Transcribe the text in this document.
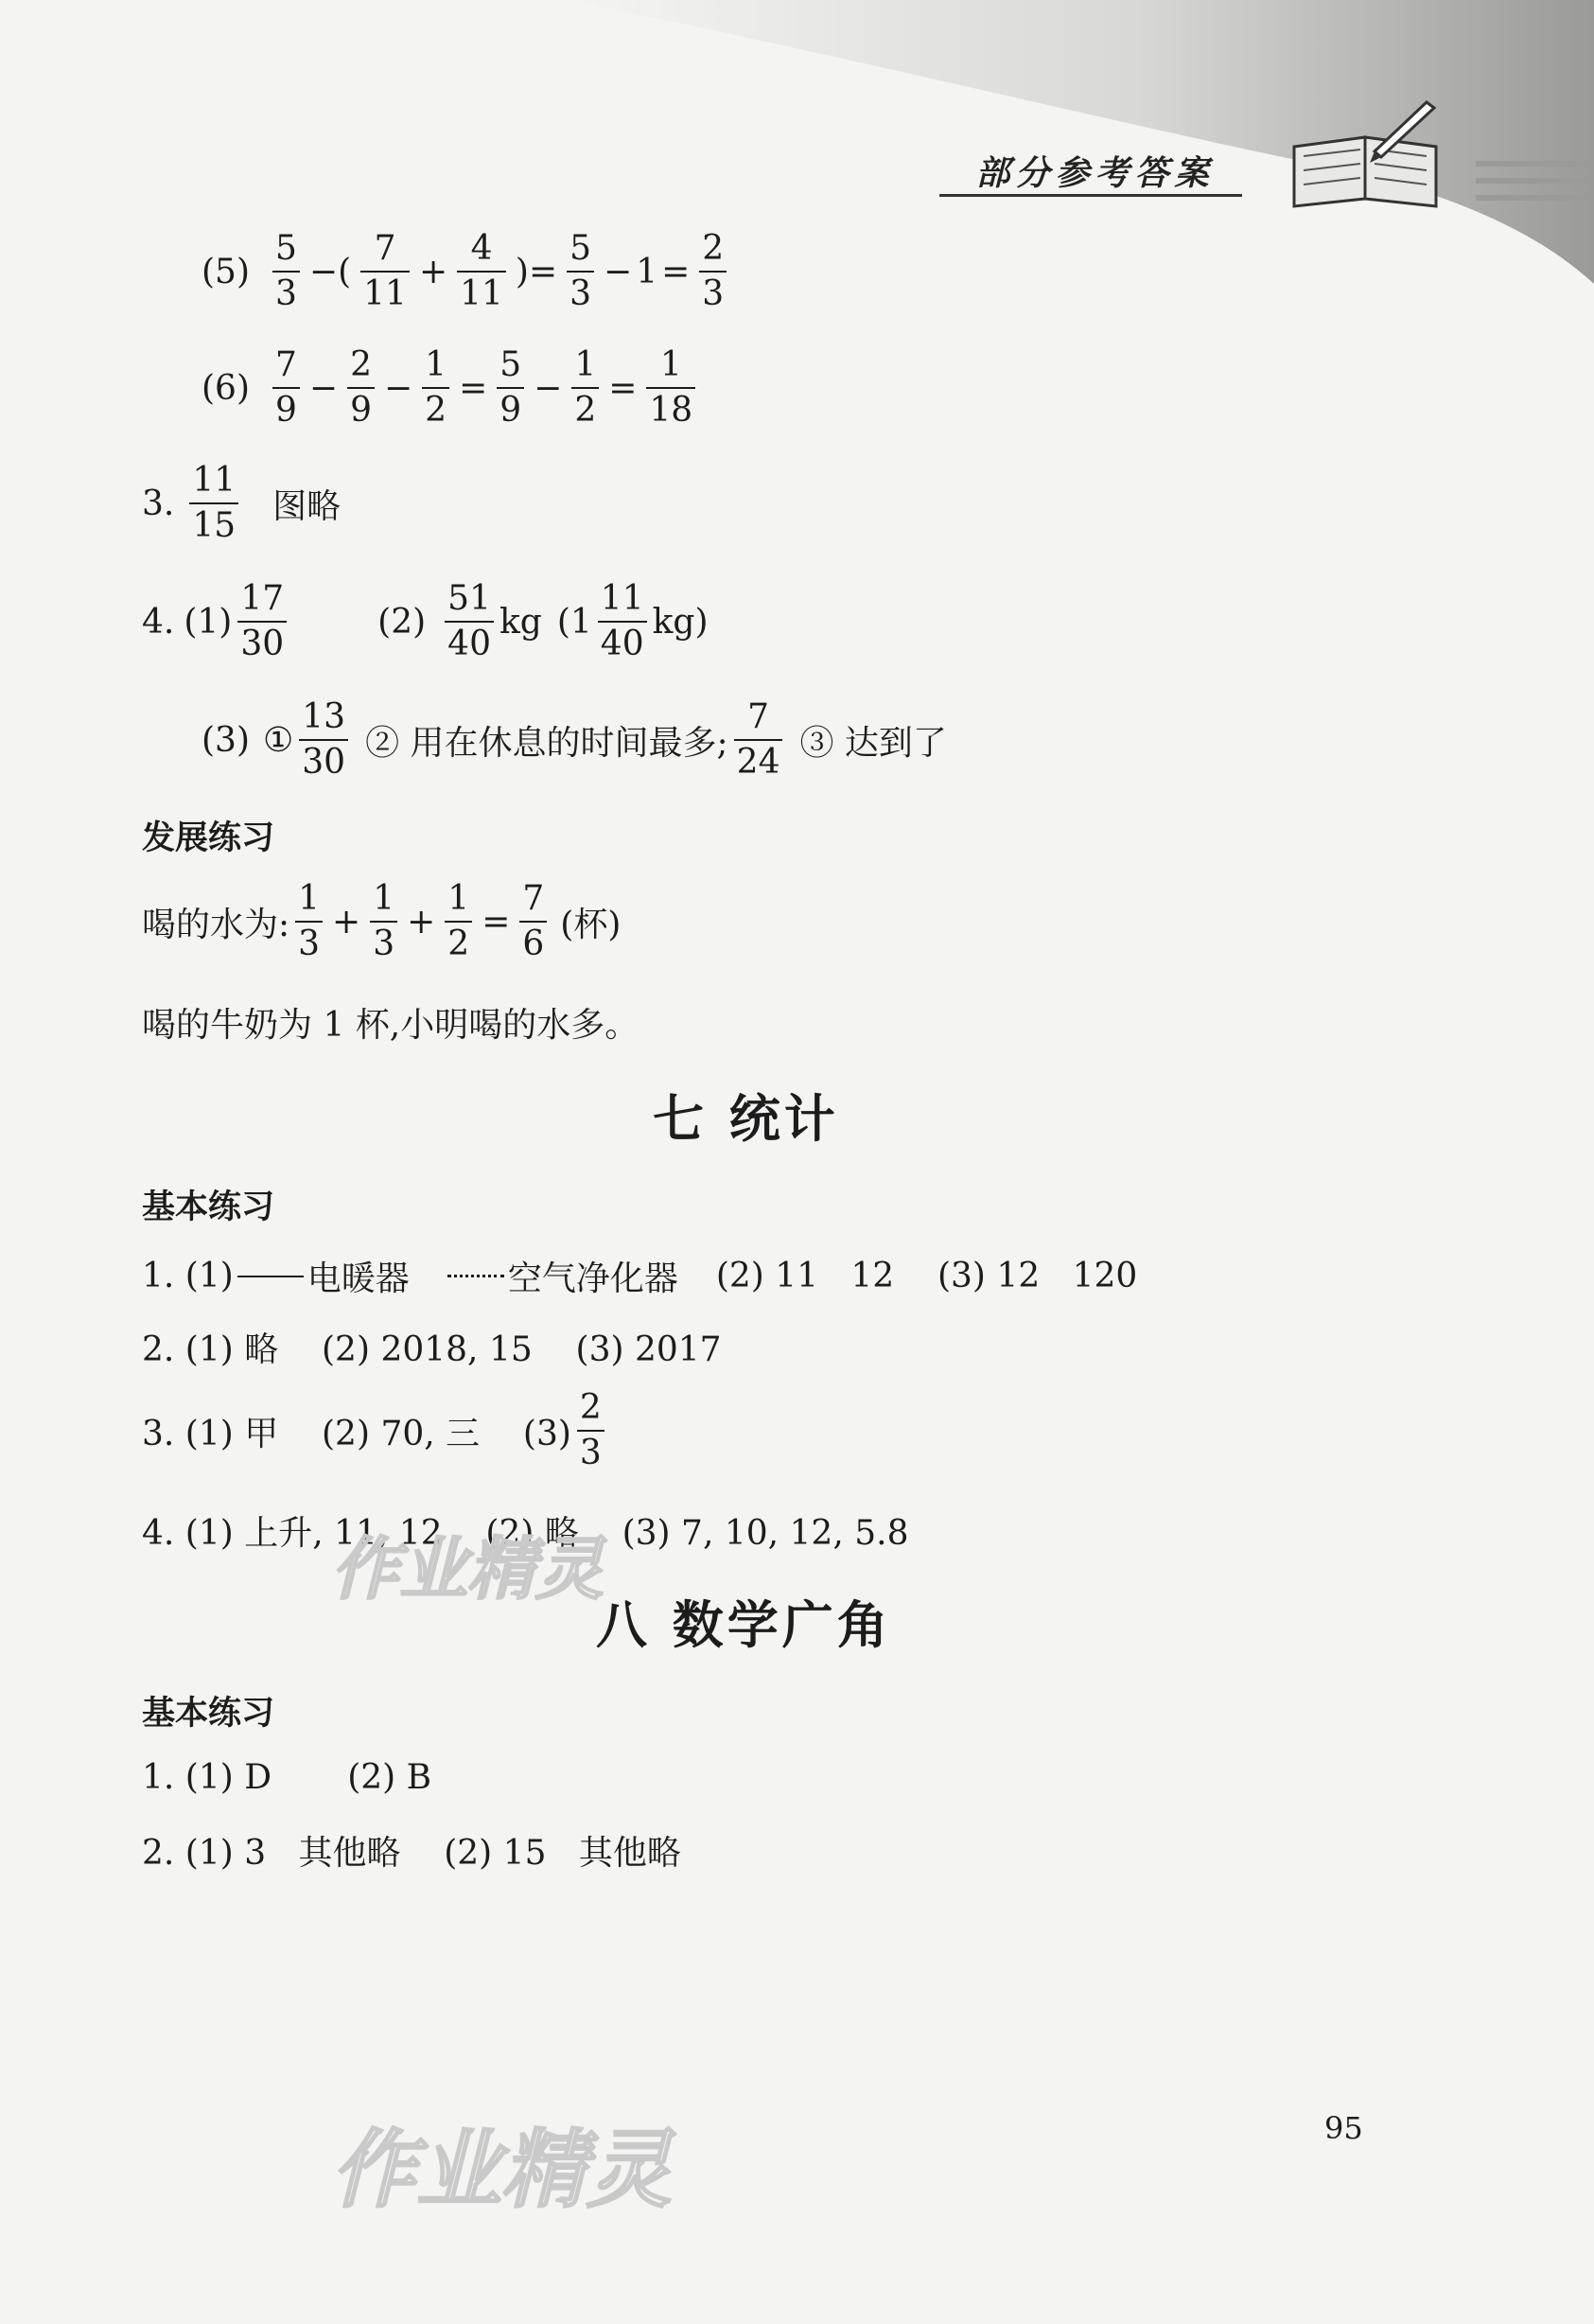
部分参考答案
$(5) \frac{5}{3}$ −( $\frac{7}{11} + \frac{4}{11}$ )= $\frac{5}{3} - 1 = \frac{2}{3}$
$(6) \frac{7}{9} - \frac{2}{9} - \frac{1}{2} = \frac{5}{9} - \frac{1}{2} = \frac{1}{18}$
3. $\frac{11}{15}$ 图略
4. $(1) \frac{17}{30}$	$(2) \frac{51}{40}$ kg $(1 \frac{11}{40} kg)$
(3) ① $\frac{13}{30}$ ② 用在休息的时间最多; $\frac{7}{24}$ ③ 达到了
发展练习
喝的水为: $\frac{1}{3} + \frac{1}{3} + \frac{1}{2} = \frac{7}{6}$ (杯)
喝的牛奶为 1 杯,小明喝的水多。
七 统计
基本练习
1. (1) 电暖器	空气净化器 (2) 11   12    (3) 12   120
2. (1) 略    (2) 2018, 15    (3) 2017
3. (1) 甲    (2) 70, 三    $(3) \frac{2}{3}$
4. (1) 上升, 11, 12    (2) 略    (3) 7, 10, 12, 5.8
八 数学广角
基本练习
1. (1) D       (2) B
2. (1) 3   其他略    (2) 15   其他略
作业精灵
作业精灵	95
